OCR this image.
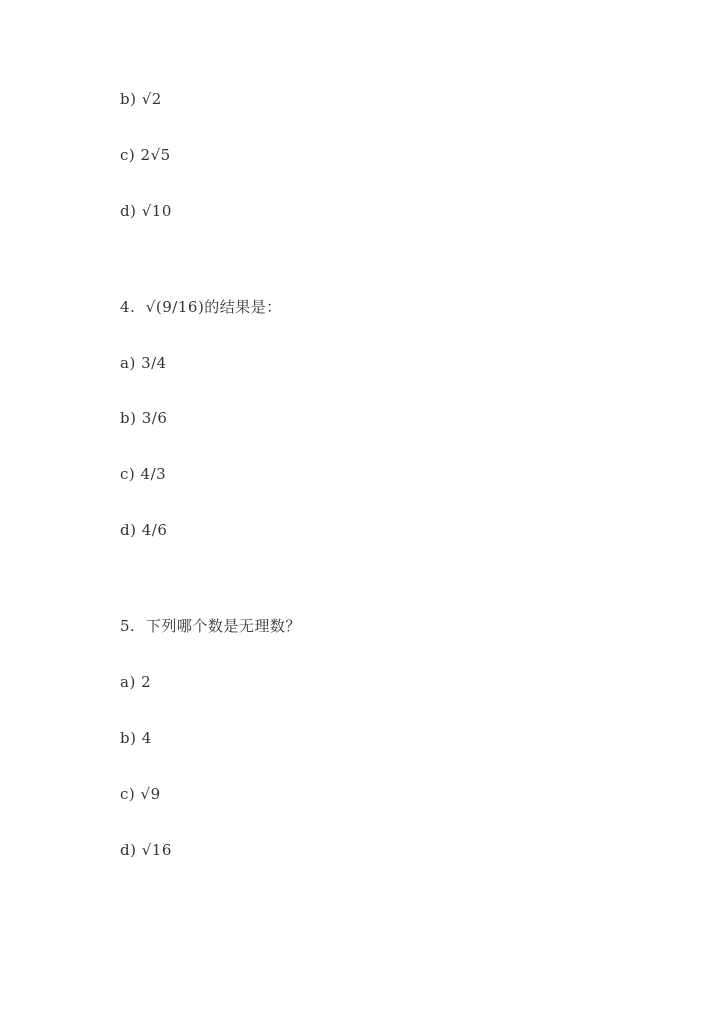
b) √2
c) 2√5
d) √10
4.  √(9/16)的结果是：
a) 3/4
b) 3/6
c) 4/3
d) 4/6
5.  下列哪个数是无理数？
a) 2
b) 4
c) √9
d) √16
